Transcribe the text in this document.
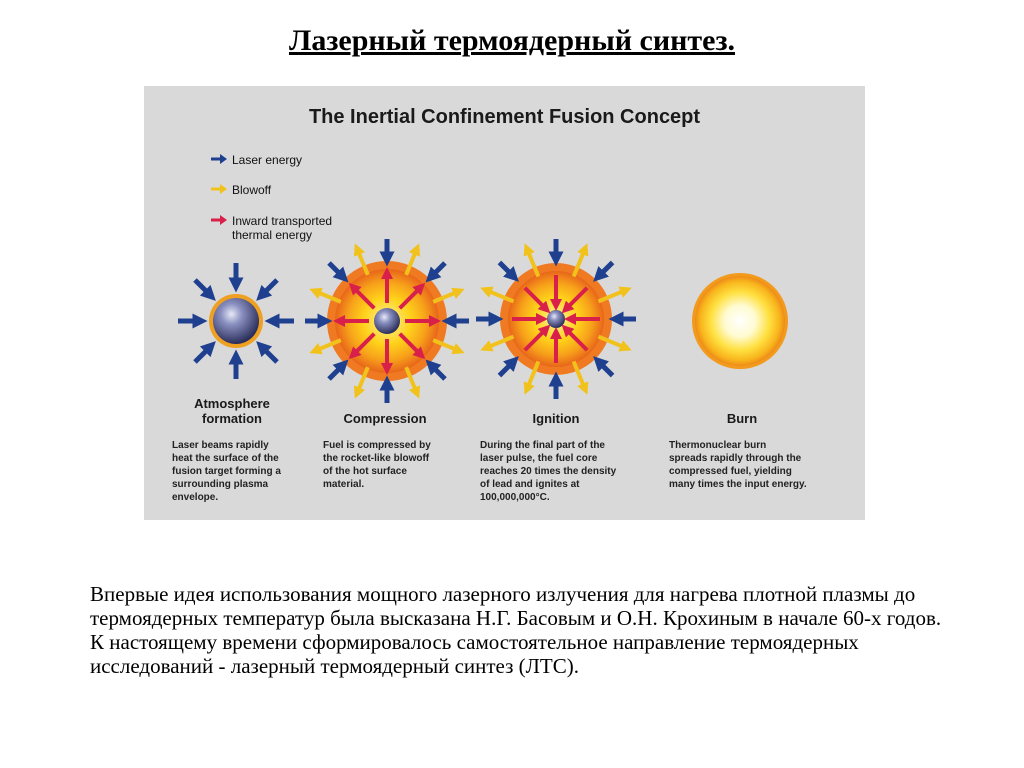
Лазерный термоядерный синтез.
The Inertial Confinement Fusion Concept
Laser energy
Blowoff
Inward transported
thermal energy
Atmosphere
formation	Compression	Ignition	Burn
Laser beams rapidly
heat the surface of the
fusion target forming a
surrounding plasma
envelope.
Fuel is compressed by
the rocket-like blowoff
of the hot surface
material.
During the final part of the
laser pulse, the fuel core
reaches 20 times the density
of lead and ignites at
100,000,000°C.
Thermonuclear burn
spreads rapidly through the
compressed fuel, yielding
many times the input energy.

Впервые идея использования мощного лазерного излучения для нагрева плотной плазмы до термоядерных температур была высказана Н.Г. Басовым и О.Н. Крохиным в начале 60-х годов. К настоящему времени сформировалось самостоятельное направление термоядерных исследований - лазерный термоядерный синтез (ЛТС).
